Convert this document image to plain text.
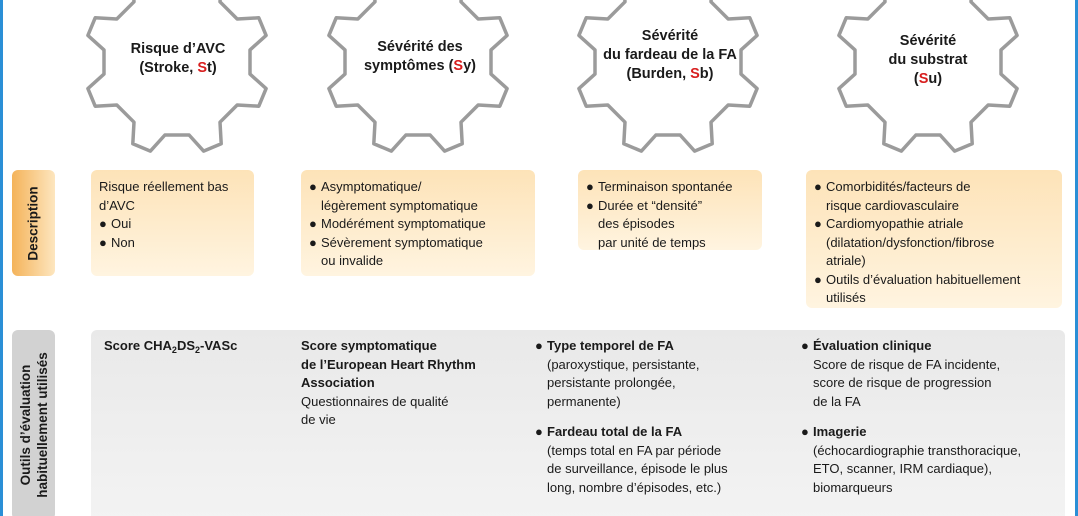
Risque d’AVC
(Stroke, St)
Sévérité des
symptômes (Sy)
Sévérité
du fardeau de la FA
(Burden, Sb)
Sévérité
du substrat
(Su)
Description
Outils d’évaluation habituellement utilisés
Risque réellement bas
d’AVC
● Oui
● Non
● Asymptomatique/
légèrement symptomatique
● Modérément symptomatique
● Sévèrement symptomatique
ou invalide
● Terminaison spontanée
● Durée et “densité”
des épisodes
par unité de temps
● Comorbidités/facteurs de
risque cardiovasculaire
● Cardiomyopathie atriale
(dilatation/dysfonction/fibrose
atriale)
● Outils d’évaluation habituellement
utilisés
Score $CHA_2DS_2$-VASc	Score symptomatique
de l’European Heart Rhythm
Association
Questionnaires de qualité
de vie
● Type temporel de FA
(paroxystique, persistante,
persistante prolongée,
permanente)
● Fardeau total de la FA
(temps total en FA par période
de surveillance, épisode le plus
long, nombre d’épisodes, etc.)
● Évaluation clinique
Score de risque de FA incidente,
score de risque de progression
de la FA
● Imagerie
(échocardiographie transthoracique,
ETO, scanner, IRM cardiaque),
biomarqueurs
